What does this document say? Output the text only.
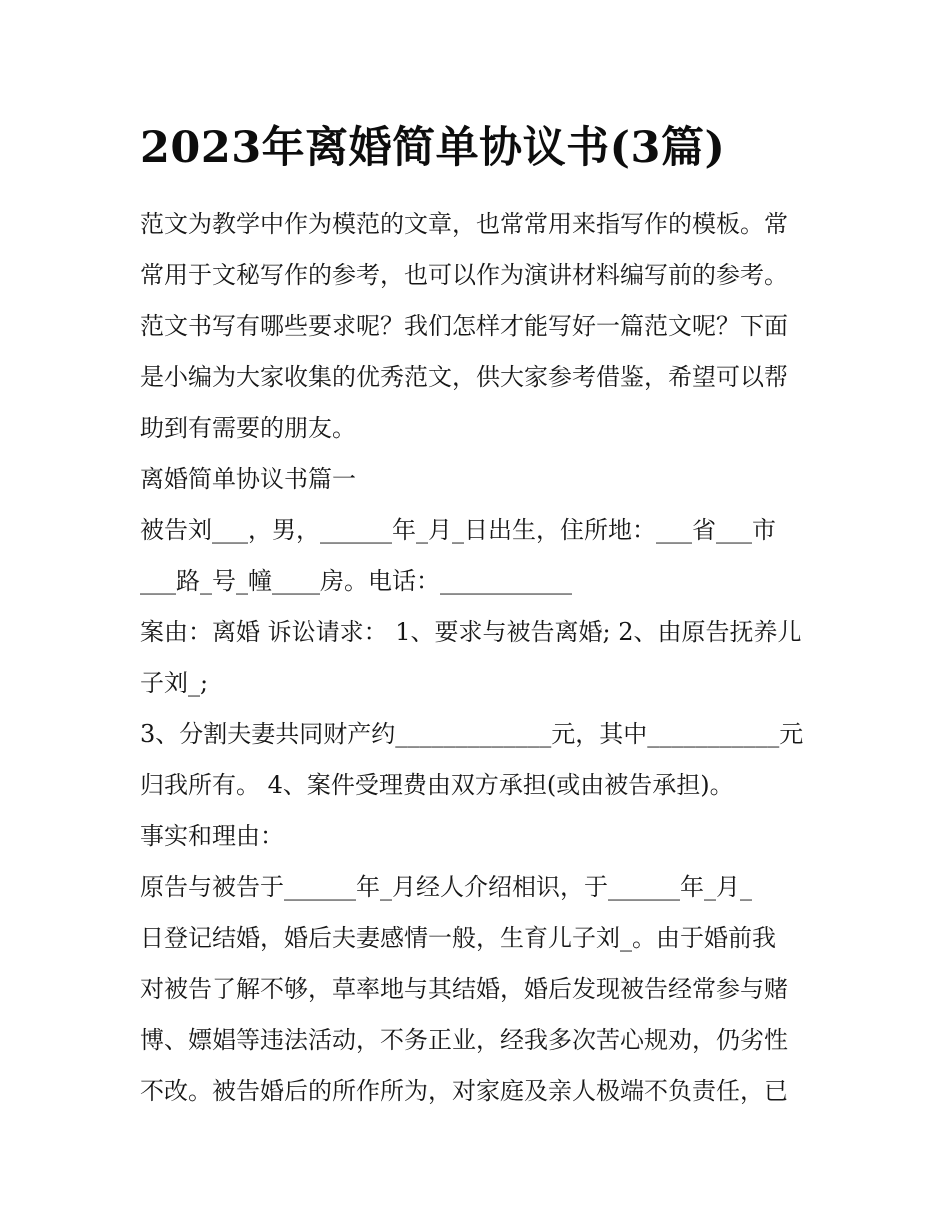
2023年离婚简单协议书(3篇)
范文为教学中作为模范的文章，也常常用来指写作的模板。常
常用于文秘写作的参考，也可以作为演讲材料编写前的参考。
范文书写有哪些要求呢？我们怎样才能写好一篇范文呢？下面
是小编为大家收集的优秀范文，供大家参考借鉴，希望可以帮
助到有需要的朋友。
离婚简单协议书篇一
被告刘___，男，______年_月_日出生，住所地：___省___市
___路_号_幢____房。电话：___________
案由：离婚 诉讼请求： 1、要求与被告离婚; 2、由原告抚养儿
子刘_;
3、分割夫妻共同财产约_____________元，其中___________元
归我所有。 4、案件受理费由双方承担(或由被告承担)。
事实和理由：
原告与被告于______年_月经人介绍相识，于______年_月_
日登记结婚，婚后夫妻感情一般，生育儿子刘_。由于婚前我
对被告了解不够，草率地与其结婚，婚后发现被告经常参与赌
博、嫖娼等违法活动，不务正业，经我多次苦心规劝，仍劣性
不改。被告婚后的所作所为，对家庭及亲人极端不负责任，已
